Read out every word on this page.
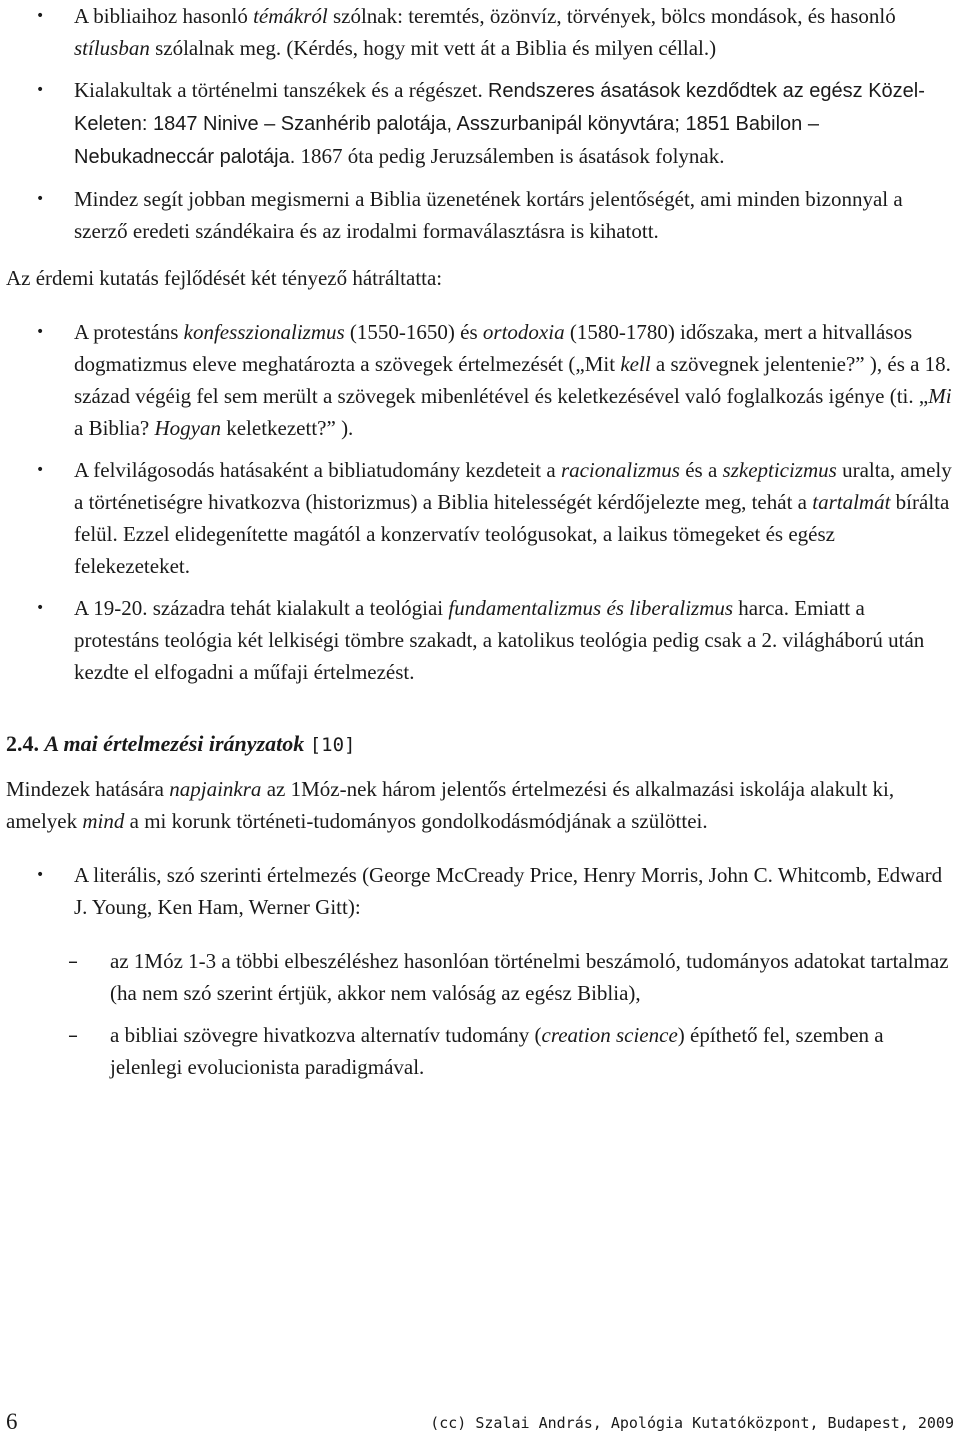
• A bibliaihoz hasonló témákról szólnak: teremtés, özönvíz, törvények, bölcs mondások, és hasonló stílusban szólalnak meg. (Kérdés, hogy mit vett át a Biblia és milyen céllal.)
• Kialakultak a történelmi tanszékek és a régészet. Rendszeres ásatások kezdődtek az egész Közel-Keleten: 1847 Ninive – Szanhérib palotája, Asszurbanipál könyvtára; 1851 Babilon – Nebukadneccár palotája. 1867 óta pedig Jeruzsálemben is ásatások folynak.
• Mindez segít jobban megismerni a Biblia üzenetének kortárs jelentőségét, ami minden bizonnyal a szerző eredeti szándékaira és az irodalmi formaválasztásra is kihatott.

Az érdemi kutatás fejlődését két tényező hátráltatta:

• A protestáns konfesszionalizmus (1550-1650) és ortodoxia (1580-1780) időszaka, mert a hitvallásos dogmatizmus eleve meghatározta a szövegek értelmezését („Mit kell a szövegnek jelentenie?” ), és a 18. század végéig fel sem merült a szövegek mibenlétével és keletkezésével való foglalkozás igénye (ti. „Mi a Biblia? Hogyan keletkezett?” ).
• A felvilágosodás hatásaként a bibliatudomány kezdeteit a racionalizmus és a szkepticizmus uralta, amely a történetiségre hivatkozva (historizmus) a Biblia hitelességét kérdőjelezte meg, tehát a tartalmát bírálta felül. Ezzel elidegenítette magától a konzervatív teológusokat, a laikus tömegeket és egész felekezeteket.
• A 19-20. századra tehát kialakult a teológiai fundamentalizmus és liberalizmus harca. Emiatt a protestáns teológia két lelkiségi tömbre szakadt, a katolikus teológia pedig csak a 2. világháború után kezdte el elfogadni a műfaji értelmezést.

2.4. A mai értelmezési irányzatok [10]

Mindezek hatására napjainkra az 1Móz-nek három jelentős értelmezési és alkalmazási iskolája alakult ki, amelyek mind a mi korunk történeti-tudományos gondolkodásmódjának a szülöttei.

• A literális, szó szerinti értelmezés (George McCready Price, Henry Morris, John C. Whitcomb, Edward J. Young, Ken Ham, Werner Gitt):
– az 1Móz 1-3 a többi elbeszéléshez hasonlóan történelmi beszámoló, tudományos adatokat tartalmaz (ha nem szó szerint értjük, akkor nem valóság az egész Biblia),
– a bibliai szövegre hivatkozva alternatív tudomány (creation science) építhető fel, szemben a jelenlegi evolucionista paradigmával.
6	(cc) Szalai András, Apológia Kutatóközpont, Budapest, 2009
